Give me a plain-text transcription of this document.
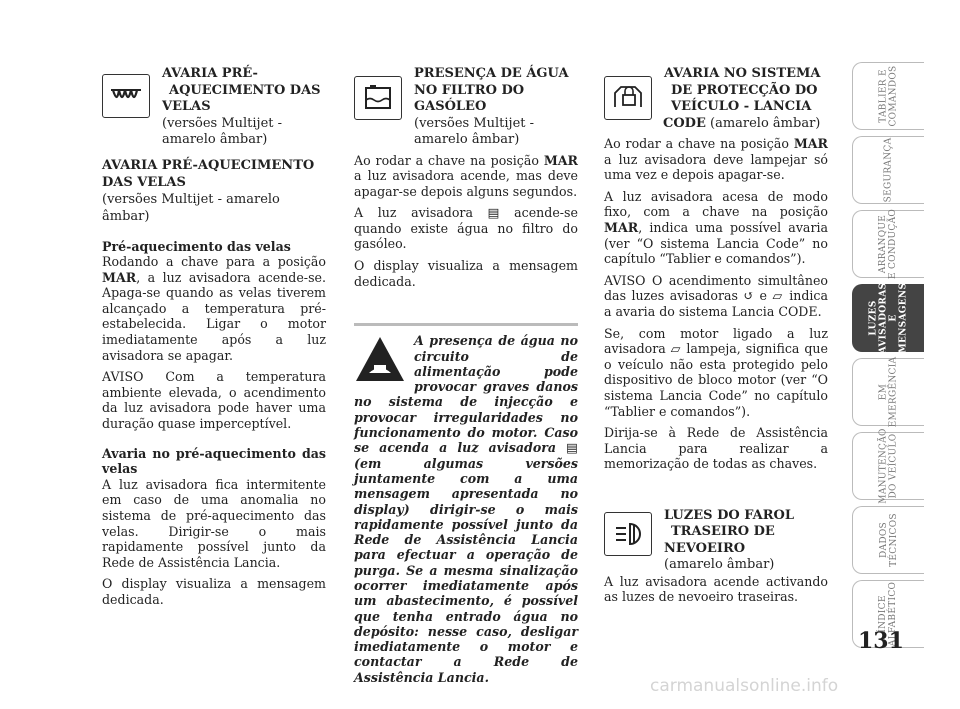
AVARIA PRÉ-
AQUECIMENTO DAS
VELAS
(versões Multijet -
amarelo âmbar)
AVARIA PRÉ-AQUECIMENTO DAS VELAS
(versões Multijet - amarelo âmbar)

Pré-aquecimento das velas

Rodando a chave para a posição MAR, a luz avisadora acende-se. Apaga-se quando as velas tiverem alcançado a temperatura pré-estabelecida. Ligar o motor imediatamente após a luz avisadora se apagar.

AVISO Com a temperatura ambiente elevada, o acendimento da luz avisadora pode haver uma duração quase imperceptível.

Avaria no pré-aquecimento das velas

A luz avisadora fica intermitente em caso de uma anomalia no sistema de pré-aquecimento das velas. Dirigir-se o mais rapidamente possível junto da Rede de Assistência Lancia.

O display visualiza a mensagem dedicada.

PRESENÇA DE ÁGUA
NO FILTRO DO
GASÓLEO
(versões Multijet -
amarelo âmbar)

Ao rodar a chave na posição MAR a luz avisadora acende, mas deve apagar-se depois alguns segundos.

A luz avisadora ▤ acende-se quando existe água no filtro do gasóleo.

O display visualiza a mensagem dedicada.

A presença de água no circuito de alimentação pode provocar graves danos no sistema de injecção e provocar irregularidades no funcionamento do motor. Caso se acenda a luz avisadora ▤ (em algumas versões juntamente com a uma mensagem apresentada no display) dirigir-se o mais rapidamente possível junto da Rede de Assistência Lancia para efectuar a operação de purga. Se a mesma sinalização ocorrer imediatamente após um abastecimento, é possível que tenha entrado água no depósito: nesse caso, desligar imediatamente o motor e contactar a Rede de Assistência Lancia.
AVARIA NO SISTEMA
DE PROTECÇÃO DO
VEÍCULO - LANCIA
CODE (amarelo âmbar)

Ao rodar a chave na posição MAR a luz avisadora deve lampejar só uma vez e depois apagar-se.

A luz avisadora acesa de modo fixo, com a chave na posição MAR, indica uma possível avaria (ver “O sistema Lancia Code” no capítulo “Tablier e comandos”).

AVISO O acendimento simultâneo das luzes avisadoras ↺ e ▱ indica a avaria do sistema Lancia CODE.

Se, com motor ligado a luz avisadora ▱ lampeja, significa que o veículo não esta protegido pelo dispositivo de bloco motor (ver “O sistema Lancia Code” no capítulo “Tablier e comandos”).

Dirija-se à Rede de Assistência Lancia para realizar a memorização de todas as chaves.

LUZES DO FAROL
TRASEIRO DE
NEVOEIRO
(amarelo âmbar)

A luz avisadora acende activando as luzes de nevoeiro traseiras.

TABLIER E
COMANDOS
SEGURANÇA
ARRANQUE
E CONDUÇÃO
LUZES
AVISADORAS E
MENSAGENS
EM
EMERGÊNCIA
MANUTENÇÃO
DO VEÍCULO
DADOS
TÉCNICOS
ÍNDICE
ALFABÉTICO
131
carmanualsonline.info
